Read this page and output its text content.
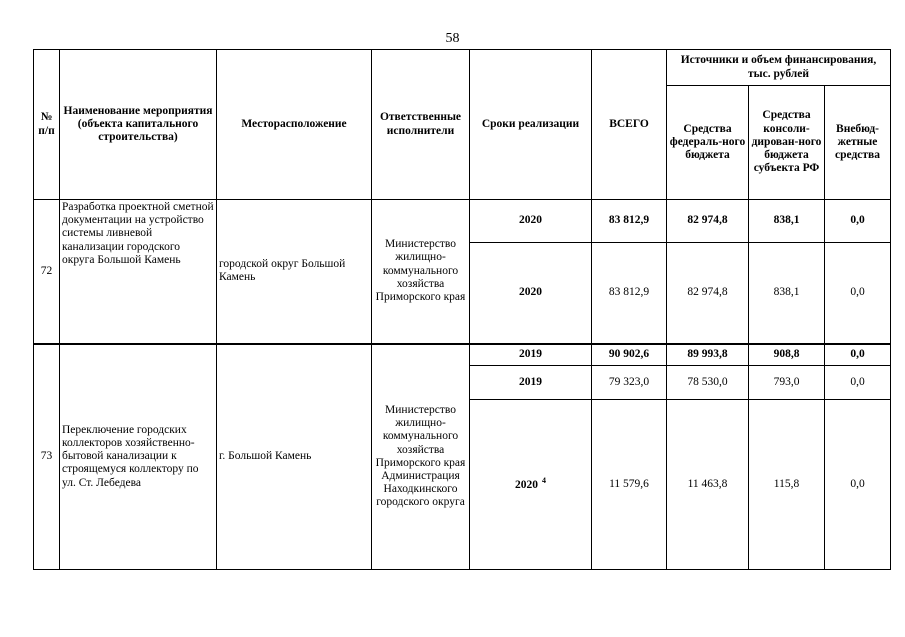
58
№ п/п	Наименование мероприятия (объекта капитального строительства)	Месторасположение	Ответственные исполнители	Сроки реализации	ВСЕГО	Источники и объем финансирования, тыс. рублей		
						Средства федераль-ного бюджета	Средства консоли-дирован-ного бюджета субъекта РФ	Внебюд-жетные средства
72	Разработка проектной сметной документации на устройство системы ливневой канализации городского округа Большой Камень	городской округ Большой Камень	Министерство жилищно-коммунального хозяйства Приморского края	2020	83 812,9	82 974,8	838,1	0,0
				2020	83 812,9	82 974,8	838,1	0,0
73	Переключение городских коллекторов хозяйственно-бытовой канализации к строящемуся коллектору по ул. Ст. Лебедева	г. Большой Камень	Министерство жилищно-коммунального хозяйства Приморского края Администрация Находкинского городского округа	2019	90 902,6	89 993,8	908,8	0,0
				2019	79 323,0	78 530,0	793,0	0,0
				2020 $^4$	11 579,6	11 463,8	115,8	0,0
